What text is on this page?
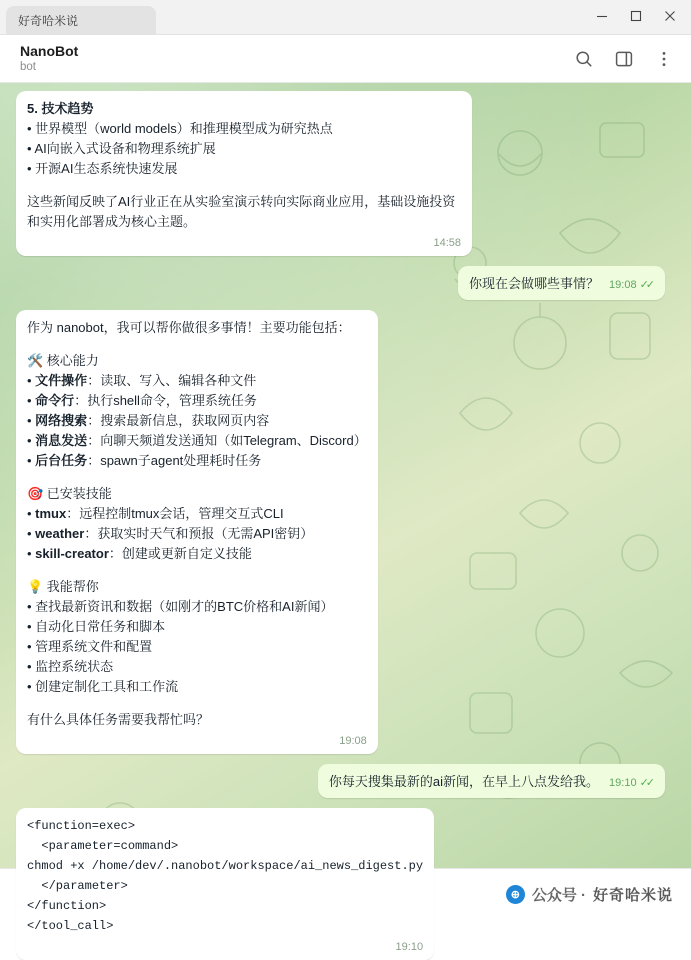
好奇哈米说
NanoBot
bot
5. 技术趋势
• 世界模型（world models）和推理模型成为研究热点
• AI向嵌入式设备和物理系统扩展
• 开源AI生态系统快速发展
这些新闻反映了AI行业正在从实验室演示转向实际商业应用，基础设施投资和实用化部署成为核心主题。
14:58
你现在会做哪些事情？ 19:08 ✓✓
作为 nanobot，我可以帮你做很多事情！主要功能包括：
🛠️ 核心能力
• 文件操作：读取、写入、编辑各种文件
• 命令行：执行shell命令，管理系统任务
• 网络搜索：搜索最新信息，获取网页内容
• 消息发送：向聊天频道发送通知（如Telegram、Discord）
• 后台任务：spawn子agent处理耗时任务
🎯 已安装技能
• tmux：远程控制tmux会话，管理交互式CLI
• weather：获取实时天气和预报（无需API密钥）
• skill-creator：创建或更新自定义技能
💡 我能帮你
• 查找最新资讯和数据（如刚才的BTC价格和AI新闻）
• 自动化日常任务和脚本
• 管理系统文件和配置
• 监控系统状态
• 创建定制化工具和工作流
有什么具体任务需要我帮忙吗？
19:08
你每天搜集最新的ai新闻，在早上八点发给我。 19:10 ✓✓
<function=exec>
<parameter=command>
chmod +x /home/dev/.nanobot/workspace/ai_news_digest.py
</parameter>
</function>
</tool_call>
19:10
Write a message...
⊕ 公众号 · 好奇哈米说
